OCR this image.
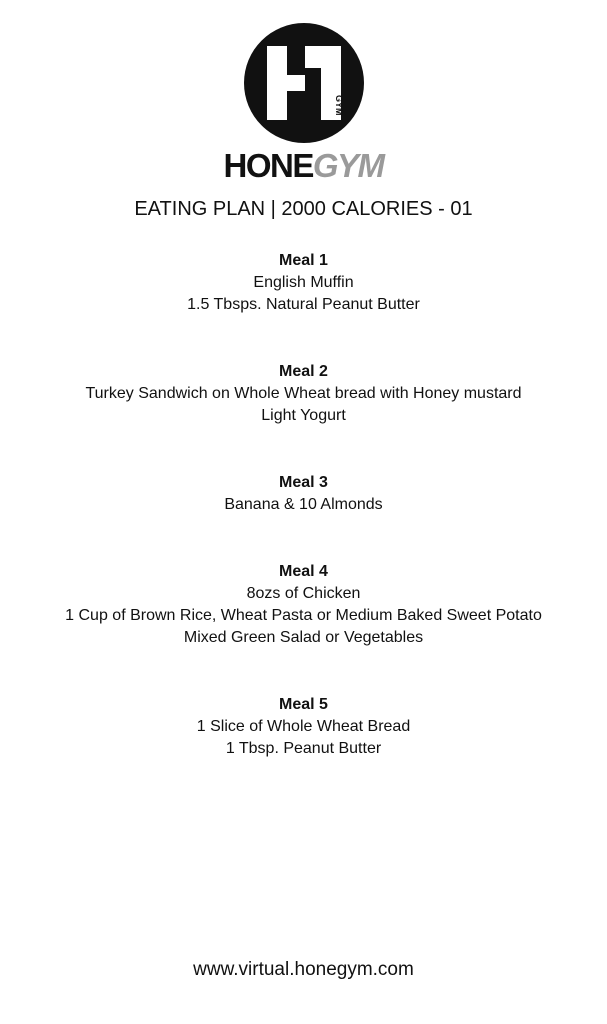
GYM
HONEGYM
EATING PLAN | 2000 CALORIES - 01
Meal 1
English Muffin
1.5 Tbsps. Natural Peanut Butter
Meal 2
Turkey Sandwich on Whole Wheat bread with Honey mustard
Light Yogurt
Meal 3
Banana & 10 Almonds
Meal 4
8ozs of Chicken
1 Cup of Brown Rice, Wheat Pasta or Medium Baked Sweet Potato
Mixed Green Salad or Vegetables
Meal 5
1 Slice of Whole Wheat Bread
1 Tbsp. Peanut Butter
www.virtual.honegym.com
